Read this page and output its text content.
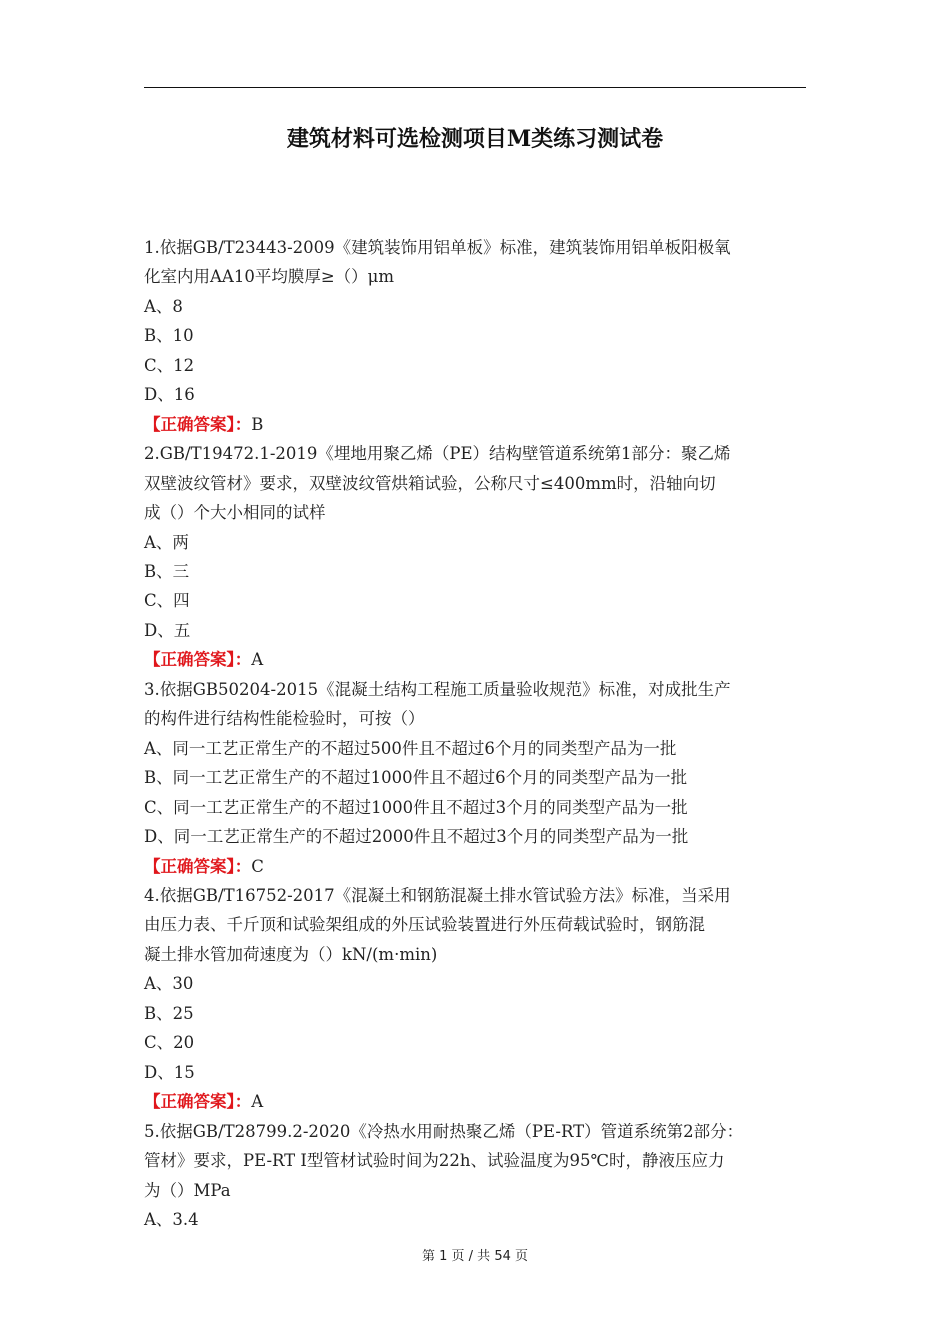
建筑材料可选检测项目M类练习测试卷
1.依据GB/T23443-2009《建筑装饰用铝单板》标准，建筑装饰用铝单板阳极氧
化室内用AA10平均膜厚≥（）μm
A、8
B、10
C、12
D、16
【正确答案】：B
2.GB/T19472.1-2019《埋地用聚乙烯（PE）结构壁管道系统第1部分：聚乙烯
双壁波纹管材》要求，双壁波纹管烘箱试验，公称尺寸≤400mm时，沿轴向切
成（）个大小相同的试样
A、两
B、三
C、四
D、五
【正确答案】：A
3.依据GB50204-2015《混凝土结构工程施工质量验收规范》标准，对成批生产
的构件进行结构性能检验时，可按（）
A、同一工艺正常生产的不超过500件且不超过6个月的同类型产品为一批
B、同一工艺正常生产的不超过1000件且不超过6个月的同类型产品为一批
C、同一工艺正常生产的不超过1000件且不超过3个月的同类型产品为一批
D、同一工艺正常生产的不超过2000件且不超过3个月的同类型产品为一批
【正确答案】：C
4.依据GB/T16752-2017《混凝土和钢筋混凝土排水管试验方法》标准，当采用
由压力表、千斤顶和试验架组成的外压试验装置进行外压荷载试验时，钢筋混
凝土排水管加荷速度为（）kN/(m·min)
A、30
B、25
C、20
D、15
【正确答案】：A
5.依据GB/T28799.2-2020《冷热水用耐热聚乙烯（PE-RT）管道系统第2部分：
管材》要求，PE-RT Ⅰ型管材试验时间为22h、试验温度为95℃时，静液压应力
为（）MPa
A、3.4
第 1 页 / 共 54 页
